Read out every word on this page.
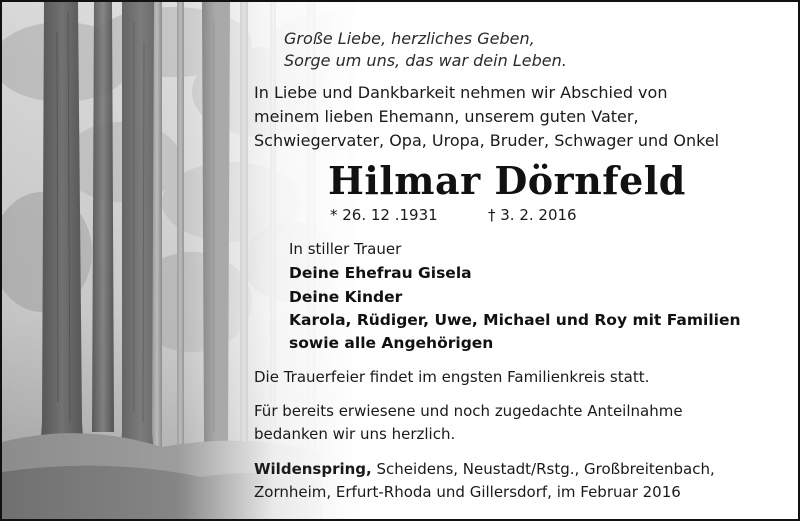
Große Liebe, herzliches Geben,
Sorge um uns, das war dein Leben.
In Liebe und Dankbarkeit nehmen wir Abschied von
meinem lieben Ehemann, unserem guten Vater,
Schwiegervater, Opa, Uropa, Bruder, Schwager und Onkel
Hilmar Dörnfeld
* 26. 12 .1931	† 3. 2. 2016
In stiller Trauer
Deine Ehefrau Gisela
Deine Kinder
Karola, Rüdiger, Uwe, Michael und Roy mit Familien
sowie alle Angehörigen
Die Trauerfeier findet im engsten Familienkreis statt.
Für bereits erwiesene und noch zugedachte Anteilnahme
bedanken wir uns herzlich.
Wildenspring, Scheidens, Neustadt/Rstg., Großbreitenbach,
Zornheim, Erfurt-Rhoda und Gillersdorf, im Februar 2016
